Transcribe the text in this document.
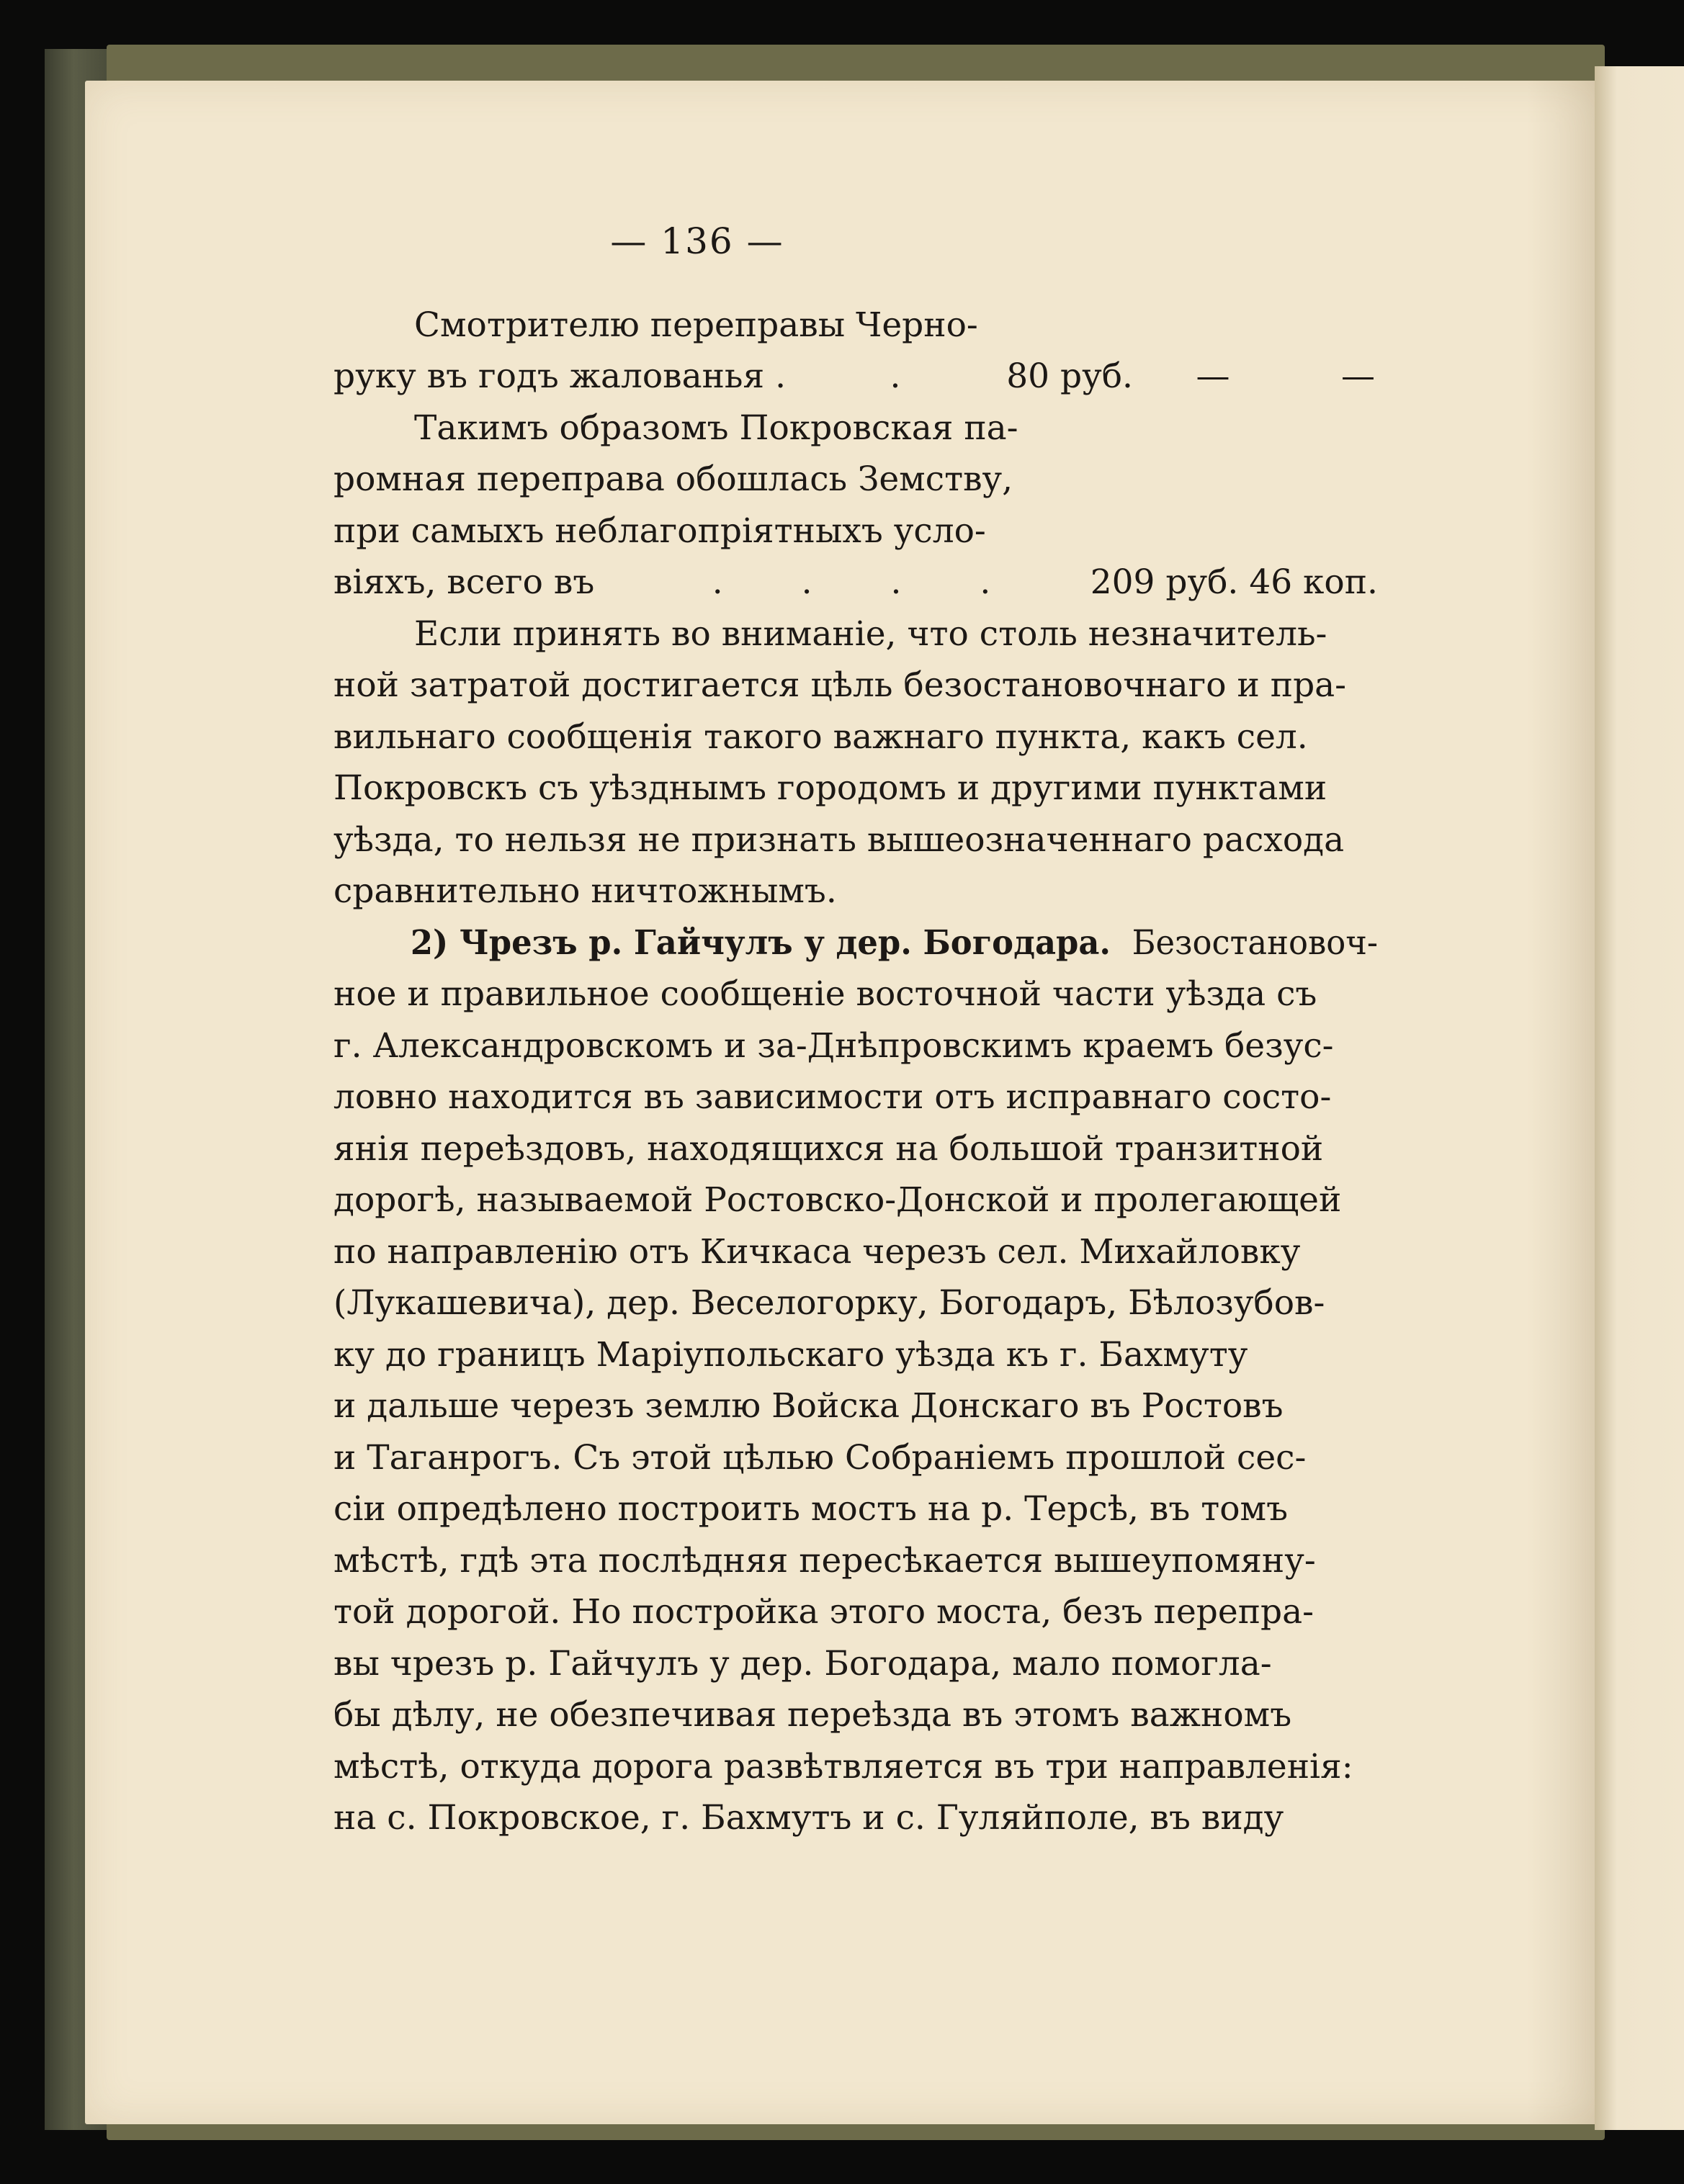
— 136 —
Смотрителю переправы Черно-
руку въ годъ жалованья .	.	80 руб.	—	—
Такимъ образомъ Покровская па-
ромная переправа обошлась Земству,
при самыхъ неблагопріятныхъ усло-
віяхъ, всего въ	. . . .	209 руб. 46 коп.
Если принять во вниманіе, что столь незначитель-
ной затратой достигается цѣль безостановочнаго и пра-
вильнаго сообщенія такого важнаго пункта, какъ сел.
Покровскъ съ уѣзднымъ городомъ и другими пунктами
уѣзда, то нельзя не признать вышеозначеннаго расхода
сравнительно ничтожнымъ.
2) Чрезъ р. Гайчулъ у дер. Богодара. Безостановоч-
ное и правильное сообщеніе восточной части уѣзда съ
г. Александровскомъ и за-Днѣпровскимъ краемъ безус-
ловно находится въ зависимости отъ исправнаго состо-
янія переѣздовъ, находящихся на большой транзитной
дорогѣ, называемой Ростовско-Донской и пролегающей
по направленію отъ Кичкаса черезъ сел. Михайловку
(Лукашевича), дер. Веселогорку, Богодаръ, Бѣлозубов-
ку до границъ Маріупольскаго уѣзда къ г. Бахмуту
и дальше черезъ землю Войска Донскаго въ Ростовъ
и Таганрогъ. Съ этой цѣлью Собраніемъ прошлой сес-
сіи опредѣлено построить мостъ на р. Терсѣ, въ томъ
мѣстѣ, гдѣ эта послѣдняя пересѣкается вышеупомяну-
той дорогой. Но постройка этого моста, безъ перепра-
вы чрезъ р. Гайчулъ у дер. Богодара, мало помогла-
бы дѣлу, не обезпечивая переѣзда въ этомъ важномъ
мѣстѣ, откуда дорога развѣтвляется въ три направленія:
на с. Покровское, г. Бахмутъ и с. Гуляйполе, въ виду
